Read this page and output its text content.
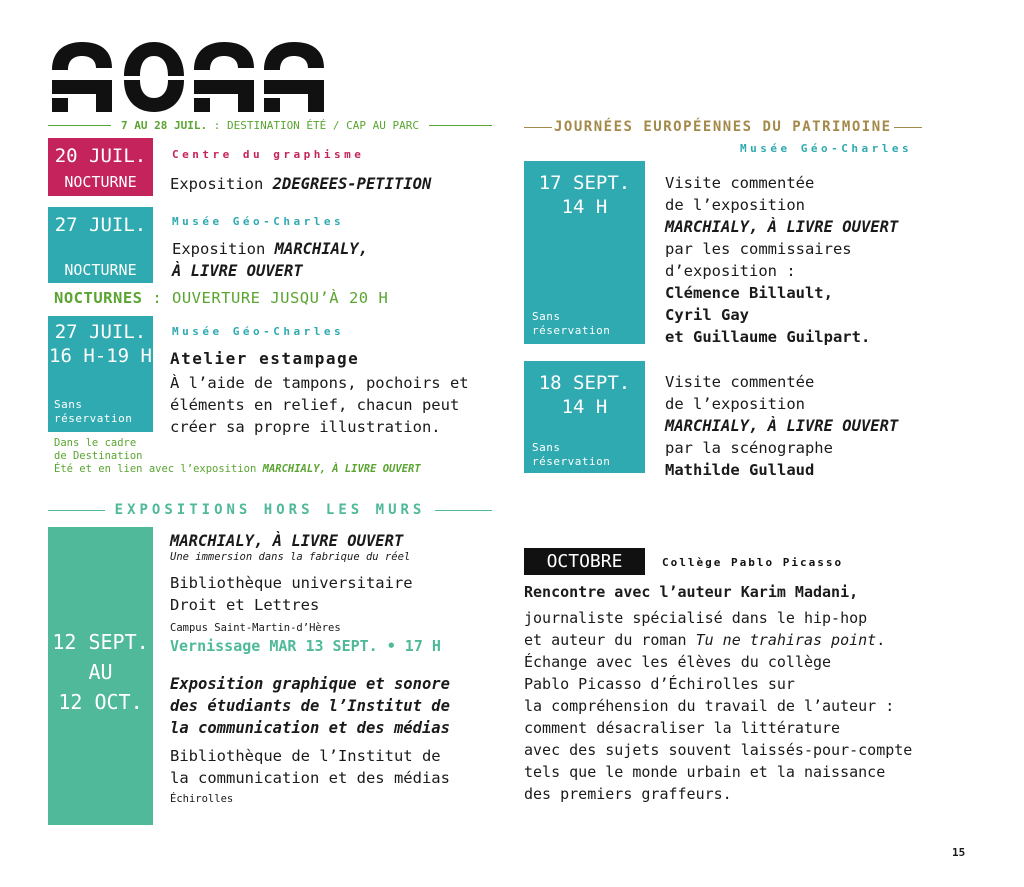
7 AU 28 JUIL. : DESTINATION ÉTÉ / CAP AU PARC
20 JUIL.
NOCTURNE
Centre du graphisme
Exposition 2DEGREES-PETITION
27 JUIL.
NOCTURNE
Musée Géo-Charles
Exposition MARCHIALY,
À LIVRE OUVERT
NOCTURNES : OUVERTURE JUSQU’À 20 H
27 JUIL.
16 H-19 H
Sans
réservation
Musée Géo-Charles
Atelier estampage
À l’aide de tampons, pochoirs et
éléments en relief, chacun peut
créer sa propre illustration.
Dans le cadre
de Destination
Été et en lien avec l’exposition MARCHIALY, À LIVRE OUVERT
EXPOSITIONS HORS LES MURS
12 SEPT.
AU
12 OCT.
MARCHIALY, À LIVRE OUVERT
Une immersion dans la fabrique du réel
Bibliothèque universitaire
Droit et Lettres
Campus Saint-Martin-d’Hères
Vernissage MAR 13 SEPT. • 17 H
Exposition graphique et sonore
des étudiants de l’Institut de
la communication et des médias
Bibliothèque de l’Institut de
la communication et des médias
Échirolles
JOURNÉES EUROPÉENNES DU PATRIMOINE
Musée Géo-Charles
17 SEPT.
14 H
Sans
réservation
Visite commentée
de l’exposition
MARCHIALY, À LIVRE OUVERT
par les commissaires
d’exposition :
Clémence Billault,
Cyril Gay
et Guillaume Guilpart.
18 SEPT.
14 H
Sans
réservation
Visite commentée
de l’exposition
MARCHIALY, À LIVRE OUVERT
par la scénographe
Mathilde Gullaud
OCTOBRE	Collège Pablo Picasso
Rencontre avec l’auteur Karim Madani,
journaliste spécialisé dans le hip-hop
et auteur du roman Tu ne trahiras point.
Échange avec les élèves du collège
Pablo Picasso d’Échirolles sur
la compréhension du travail de l’auteur :
comment désacraliser la littérature
avec des sujets souvent laissés-pour-compte
tels que le monde urbain et la naissance
des premiers graffeurs.
15
